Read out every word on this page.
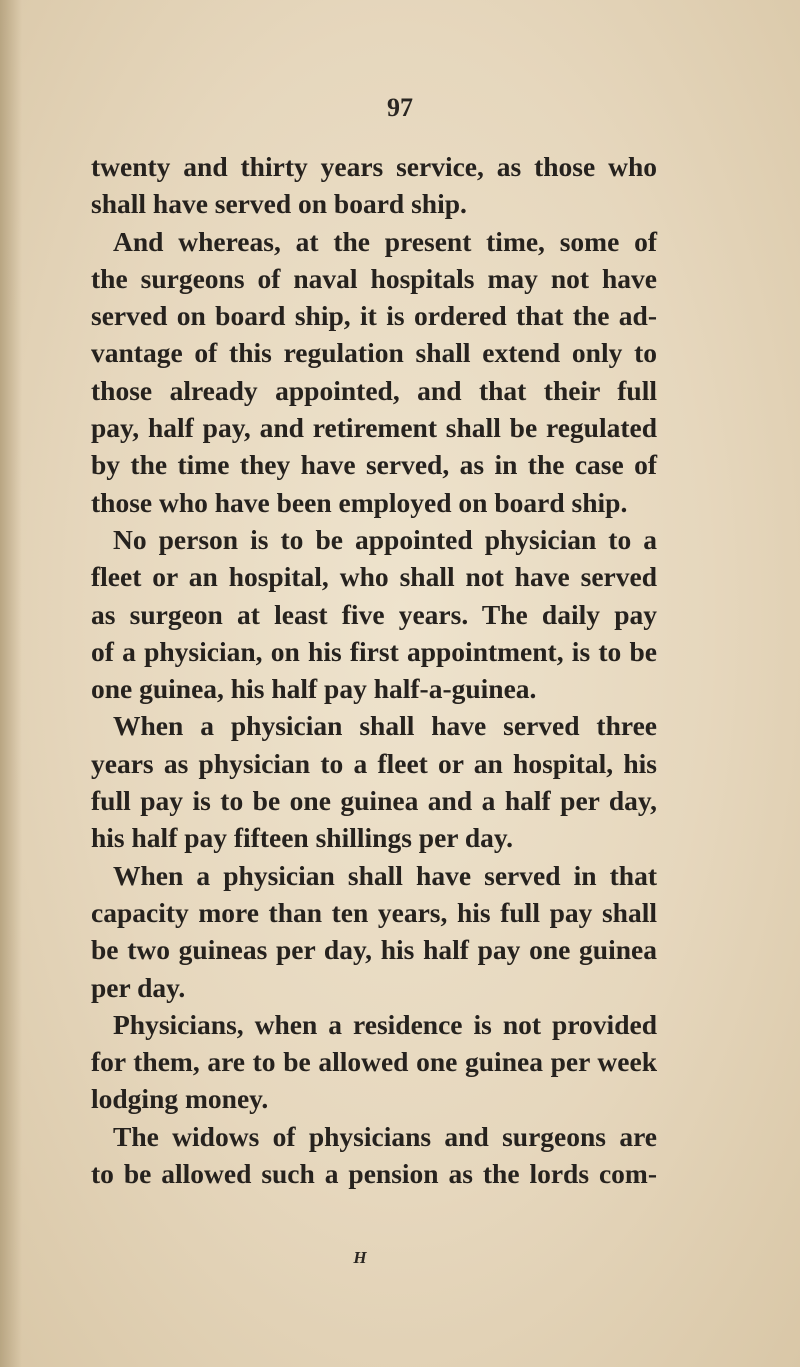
97
twenty and thirty years service, as those who
shall have served on board ship.
And whereas, at the present time, some of
the surgeons of naval hospitals may not have
served on board ship, it is ordered that the ad-
vantage of this regulation shall extend only to
those already appointed, and that their full
pay, half pay, and retirement shall be regulated
by the time they have served, as in the case of
those who have been employed on board ship.
No person is to be appointed physician to a
fleet or an hospital, who shall not have served
as surgeon at least five years. The daily pay
of a physician, on his first appointment, is to be
one guinea, his half pay half-a-guinea.
When a physician shall have served three
years as physician to a fleet or an hospital, his
full pay is to be one guinea and a half per day,
his half pay fifteen shillings per day.
When a physician shall have served in that
capacity more than ten years, his full pay shall
be two guineas per day, his half pay one guinea
per day.
Physicians, when a residence is not provided
for them, are to be allowed one guinea per week
lodging money.
The widows of physicians and surgeons are
to be allowed such a pension as the lords com-
H
